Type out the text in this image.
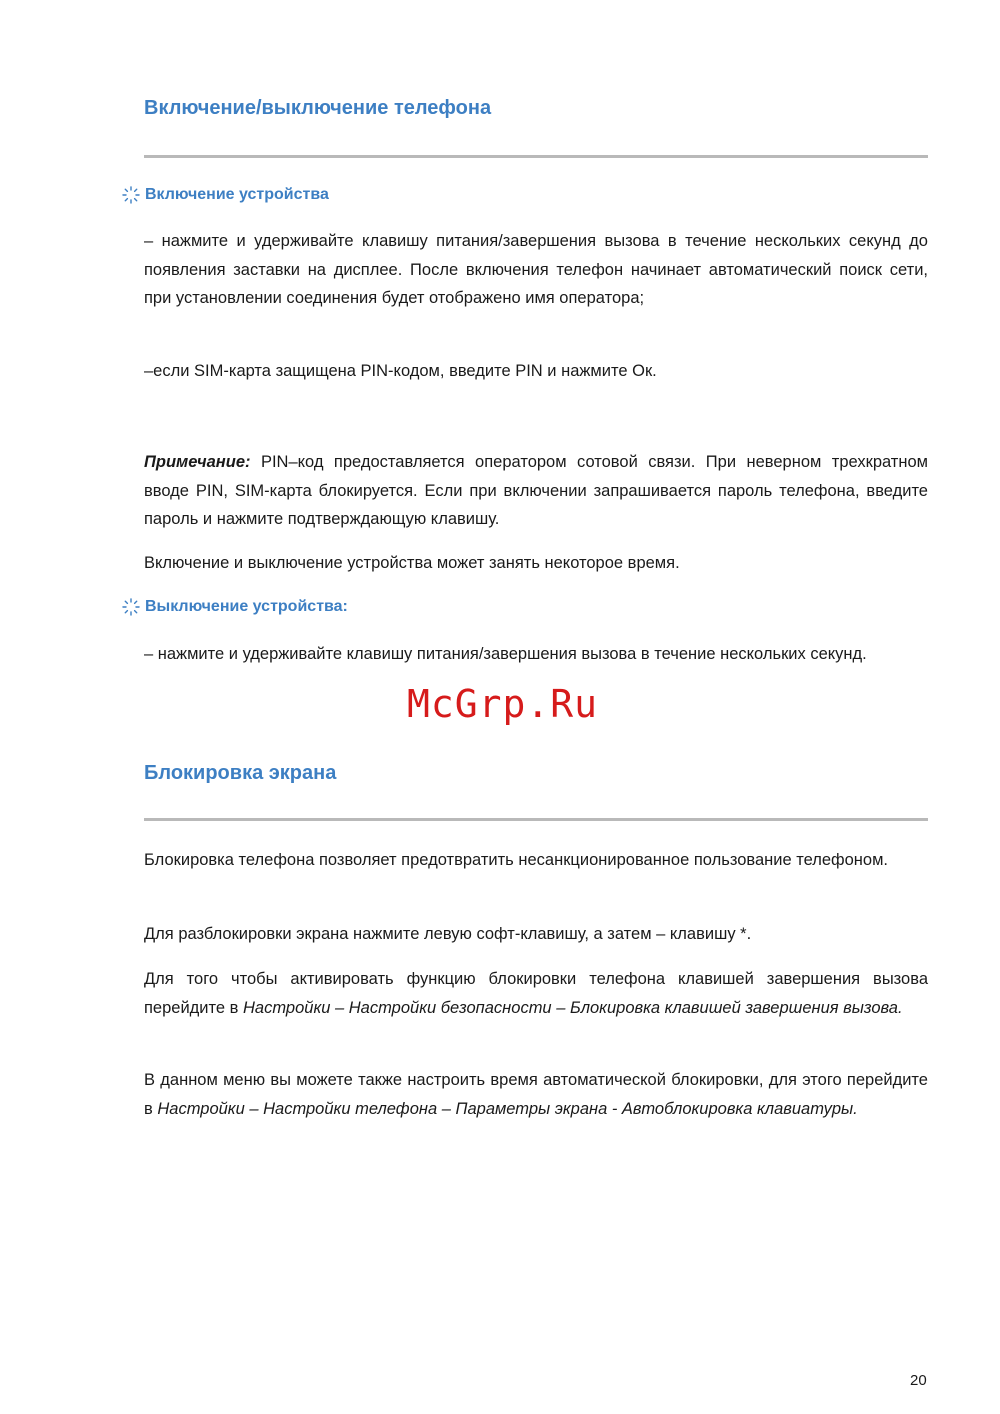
Включение/выключение телефона
Включение устройства

– нажмите и удерживайте клавишу питания/завершения вызова в течение нескольких секунд до появления заставки на дисплее. После включения телефон начинает автоматический поиск сети, при установлении соединения будет отображено имя оператора;

–если SIM-карта защищена PIN-кодом, введите PIN и нажмите Ок.

Примечание: PIN–код предоставляется оператором сотовой связи. При неверном трехкратном вводе PIN, SIM-карта блокируется. Если при включении запрашивается пароль телефона, введите пароль и нажмите подтверждающую клавишу.

Включение и выключение устройства может занять некоторое время.

Выключение устройства:

– нажмите и удерживайте клавишу питания/завершения вызова в течение нескольких секунд.

Блокировка экрана

Блокировка телефона позволяет предотвратить несанкционированное пользование телефоном.

Для разблокировки экрана нажмите левую софт-клавишу, а затем – клавишу *.

Для того чтобы активировать функцию блокировки телефона клавишей завершения вызова перейдите в Настройки – Настройки безопасности – Блокировка клавишей завершения вызова.

В данном меню вы можете также настроить время автоматической блокировки, для этого перейдите в Настройки – Настройки телефона – Параметры экрана - Автоблокировка клавиатуры.

McGrp.Ru
20
